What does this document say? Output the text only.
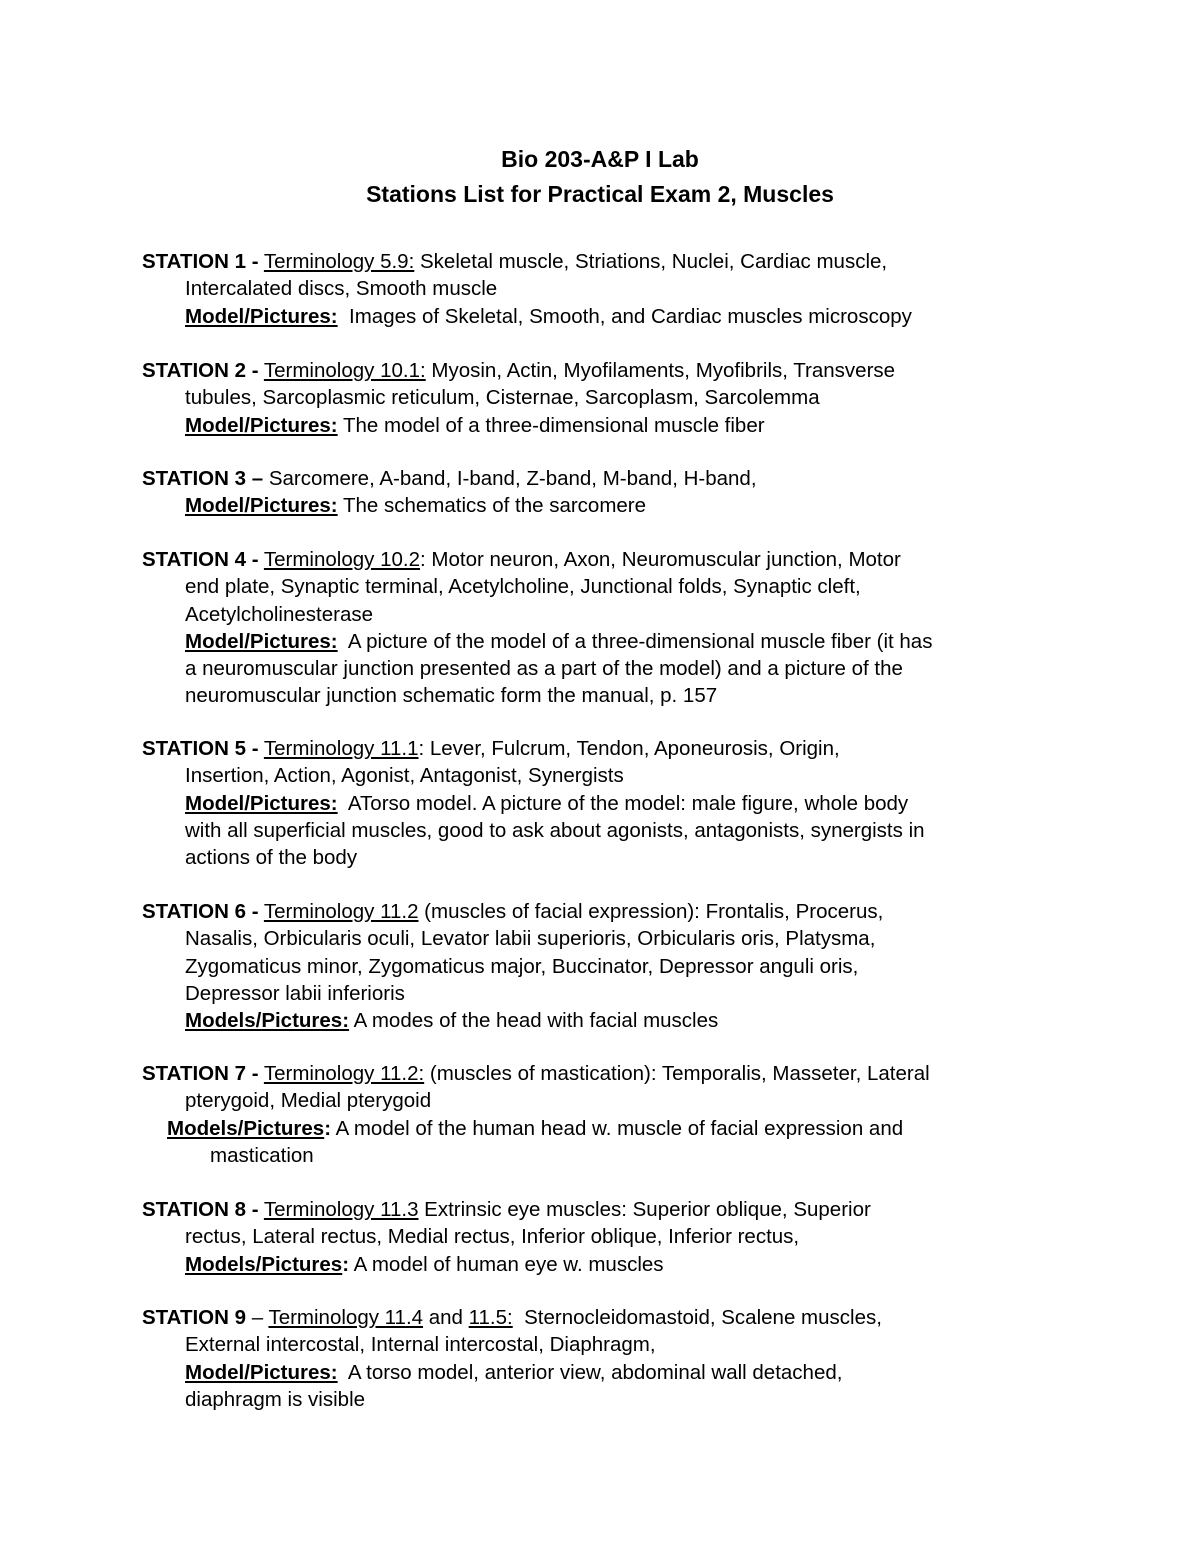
Bio 203-A&P I Lab
Stations List for Practical Exam 2, Muscles
STATION 1 - Terminology 5.9: Skeletal muscle, Striations, Nuclei, Cardiac muscle,
Intercalated discs, Smooth muscle
Model/Pictures:  Images of Skeletal, Smooth, and Cardiac muscles microscopy
STATION 2 - Terminology 10.1: Myosin, Actin, Myofilaments, Myofibrils, Transverse
tubules, Sarcoplasmic reticulum, Cisternae, Sarcoplasm, Sarcolemma
Model/Pictures: The model of a three-dimensional muscle fiber
STATION 3 – Sarcomere, A-band, I-band, Z-band, M-band, H-band,
Model/Pictures: The schematics of the sarcomere
STATION 4 - Terminology 10.2: Motor neuron, Axon, Neuromuscular junction, Motor
end plate, Synaptic terminal, Acetylcholine, Junctional folds, Synaptic cleft,
Acetylcholinesterase
Model/Pictures:  A picture of the model of a three-dimensional muscle fiber (it has
a neuromuscular junction presented as a part of the model) and a picture of the
neuromuscular junction schematic form the manual, p. 157
STATION 5 - Terminology 11.1: Lever, Fulcrum, Tendon, Aponeurosis, Origin,
Insertion, Action, Agonist, Antagonist, Synergists
Model/Pictures:  ATorso model. A picture of the model: male figure, whole body
with all superficial muscles, good to ask about agonists, antagonists, synergists in
actions of the body
STATION 6 - Terminology 11.2 (muscles of facial expression): Frontalis, Procerus,
Nasalis, Orbicularis oculi, Levator labii superioris, Orbicularis oris, Platysma,
Zygomaticus minor, Zygomaticus major, Buccinator, Depressor anguli oris,
Depressor labii inferioris
Models/Pictures: A modes of the head with facial muscles
STATION 7 - Terminology 11.2: (muscles of mastication): Temporalis, Masseter, Lateral
pterygoid, Medial pterygoid
Models/Pictures: A model of the human head w. muscle of facial expression and
mastication
STATION 8 - Terminology 11.3 Extrinsic eye muscles: Superior oblique, Superior
rectus, Lateral rectus, Medial rectus, Inferior oblique, Inferior rectus,
Models/Pictures: A model of human eye w. muscles
STATION 9 – Terminology 11.4 and 11.5:  Sternocleidomastoid, Scalene muscles,
External intercostal, Internal intercostal, Diaphragm,
Model/Pictures:  A torso model, anterior view, abdominal wall detached,
diaphragm is visible
